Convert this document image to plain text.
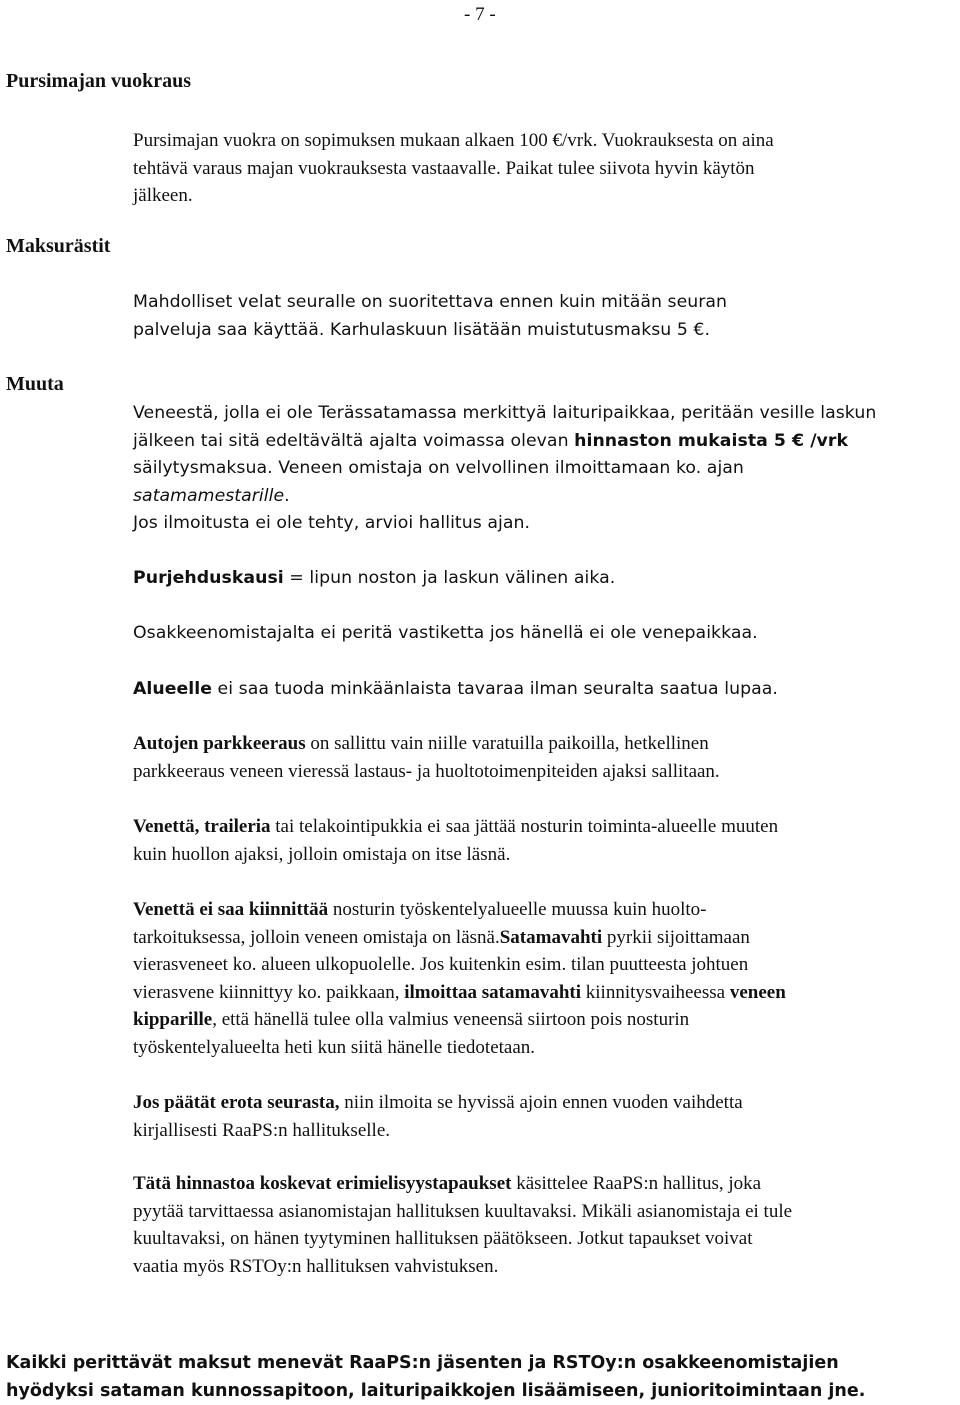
- 7 -
Pursimajan vuokraus
Pursimajan vuokra on sopimuksen mukaan alkaen 100 €/vrk. Vuokrauksesta on aina
tehtävä varaus majan vuokrauksesta vastaavalle. Paikat tulee siivota hyvin käytön
jälkeen.
Maksurästit
Mahdolliset velat seuralle on suoritettava ennen kuin mitään seuran
palveluja saa käyttää. Karhulaskuun lisätään muistutusmaksu 5 €.
Muuta
Veneestä, jolla ei ole Terässatamassa merkittyä laituripaikkaa, peritään vesille laskun
jälkeen tai sitä edeltävältä ajalta voimassa olevan hinnaston mukaista 5 € /vrk
säilytysmaksua. Veneen omistaja on velvollinen ilmoittamaan ko. ajan
satamamestarille.
Jos ilmoitusta ei ole tehty, arvioi hallitus ajan.
Purjehduskausi = lipun noston ja laskun välinen aika.
Osakkeenomistajalta ei peritä vastiketta jos hänellä ei ole venepaikkaa.
Alueelle ei saa tuoda minkäänlaista tavaraa ilman seuralta saatua lupaa.
Autojen parkkeeraus on sallittu vain niille varatuilla paikoilla, hetkellinen
parkkeeraus veneen vieressä lastaus- ja huoltotoimenpiteiden ajaksi sallitaan.
Venettä, traileria tai telakointipukkia ei saa jättää nosturin toiminta-alueelle muuten
kuin huollon ajaksi, jolloin omistaja on itse läsnä.
Venettä ei saa kiinnittää nosturin työskentelyalueelle muussa kuin huolto-
tarkoituksessa, jolloin veneen omistaja on läsnä.Satamavahti pyrkii sijoittamaan
vierasveneet ko. alueen ulkopuolelle. Jos kuitenkin esim. tilan puutteesta johtuen
vierasvene kiinnittyy ko. paikkaan, ilmoittaa satamavahti kiinnitysvaiheessa veneen
kipparille, että hänellä tulee olla valmius veneensä siirtoon pois nosturin
työskentelyalueelta heti kun siitä hänelle tiedotetaan.
Jos päätät erota seurasta, niin ilmoita se hyvissä ajoin ennen vuoden vaihdetta
kirjallisesti RaaPS:n hallitukselle.
Tätä hinnastoa koskevat erimielisyystapaukset käsittelee RaaPS:n hallitus, joka
pyytää tarvittaessa asianomistajan hallituksen kuultavaksi. Mikäli asianomistaja ei tule
kuultavaksi, on hänen tyytyminen hallituksen päätökseen. Jotkut tapaukset voivat
vaatia myös RSTOy:n hallituksen vahvistuksen.
Kaikki perittävät maksut menevät RaaPS:n jäsenten ja RSTOy:n osakkeenomistajien
hyödyksi sataman kunnossapitoon, laituripaikkojen lisäämiseen, junioritoimintaan jne.
